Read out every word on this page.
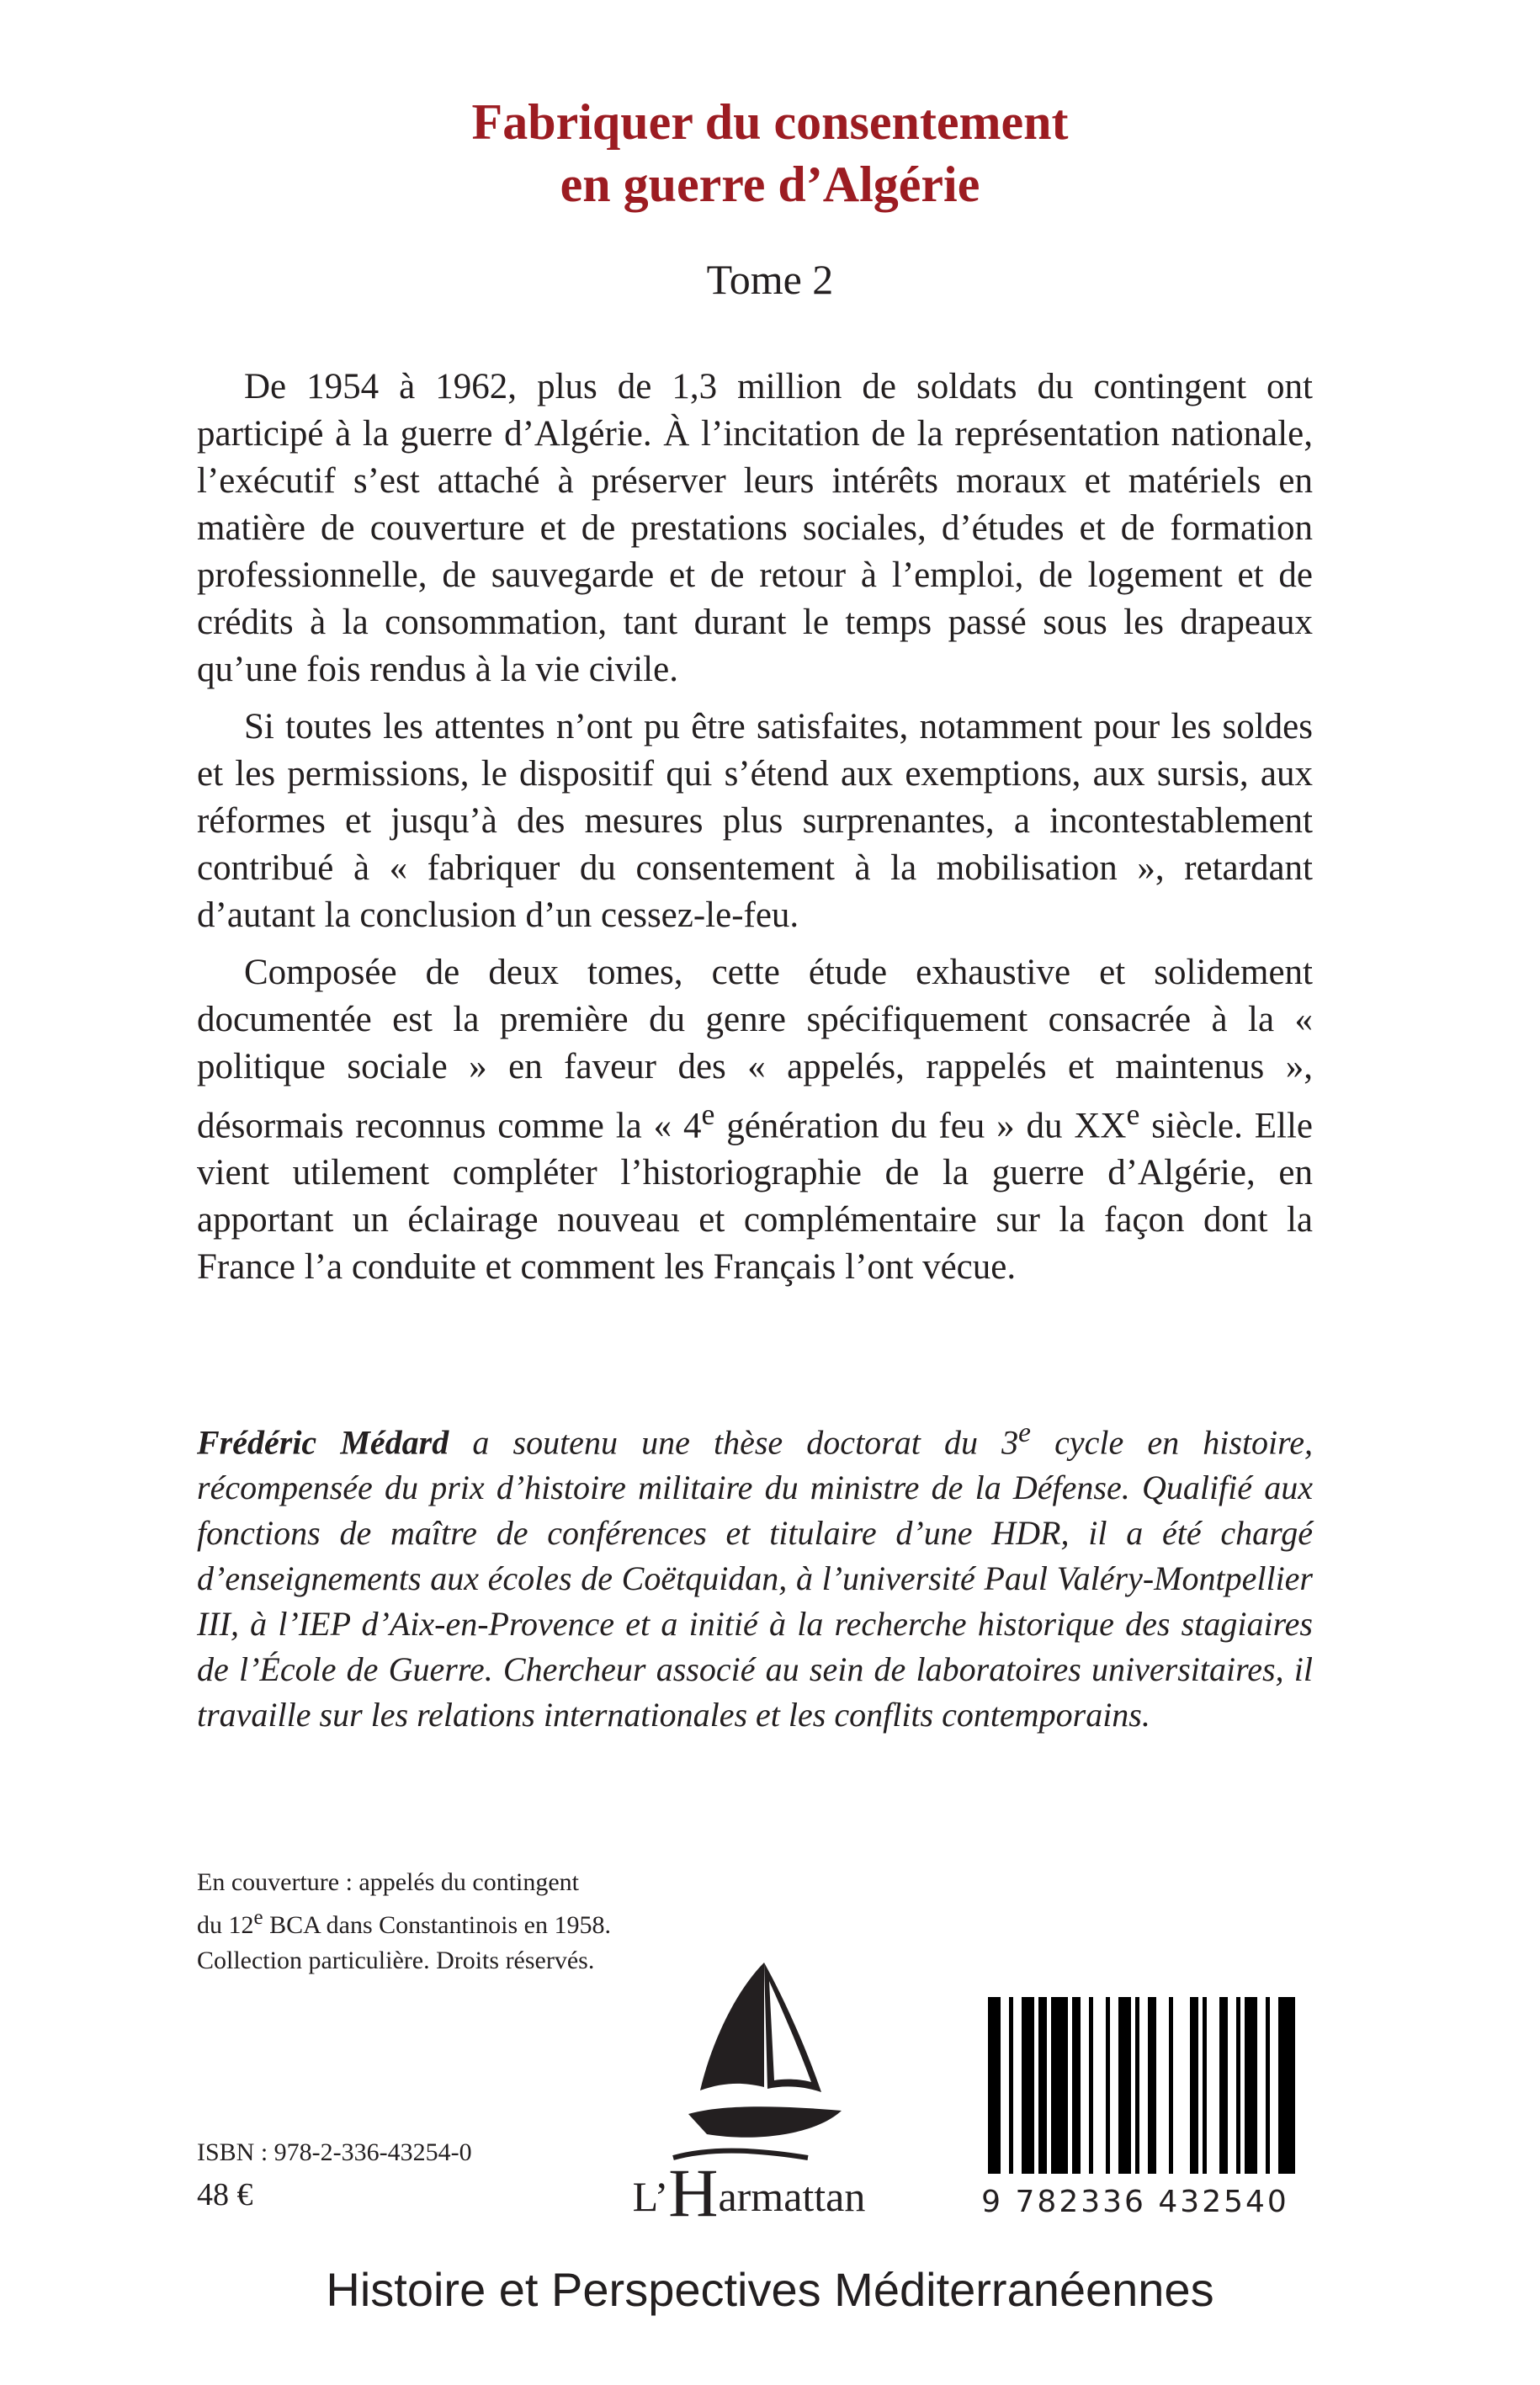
Fabriquer du consentement
en guerre d’Algérie
Tome 2

De 1954 à 1962, plus de 1,3 million de soldats du contingent ont participé à la guerre d’Algérie. À l’incitation de la représentation nationale, l’exécutif s’est attaché à préserver leurs intérêts moraux et matériels en matière de couverture et de prestations sociales, d’études et de formation professionnelle, de sauvegarde et de retour à l’emploi, de logement et de crédits à la consommation, tant durant le temps passé sous les drapeaux qu’une fois rendus à la vie civile.

Si toutes les attentes n’ont pu être satisfaites, notamment pour les soldes et les permissions, le dispositif qui s’étend aux exemptions, aux sursis, aux réformes et jusqu’à des mesures plus surprenantes, a incontestablement contribué à « fabriquer du consentement à la mobilisation », retardant d’autant la conclusion d’un cessez-le-feu.

Composée de deux tomes, cette étude exhaustive et solidement documentée est la première du genre spécifiquement consacrée à la « politique sociale » en faveur des « appelés, rappelés et maintenus », désormais reconnus comme la « 4e génération du feu » du XXe siècle. Elle vient utilement compléter l’historiographie de la guerre d’Algérie, en apportant un éclairage nouveau et complémentaire sur la façon dont la France l’a conduite et comment les Français l’ont vécue.

Frédéric Médard a soutenu une thèse doctorat du 3e cycle en histoire, récompensée du prix d’histoire militaire du ministre de la Défense. Qualifié aux fonctions de maître de conférences et titulaire d’une HDR, il a été chargé d’enseignements aux écoles de Coëtquidan, à l’université Paul Valéry-Montpellier III, à l’IEP d’Aix-en-Provence et a initié à la recherche historique des stagiaires de l’École de Guerre. Chercheur associé au sein de laboratoires universitaires, il travaille sur les relations internationales et les conflits contemporains.

En couverture : appelés du contingent
du 12e BCA dans Constantinois en 1958.
Collection particulière. Droits réservés.
ISBN : 978-2-336-43254-0
48 €	L’Harmattan	9 782336 432540
Histoire et Perspectives Méditerranéennes
